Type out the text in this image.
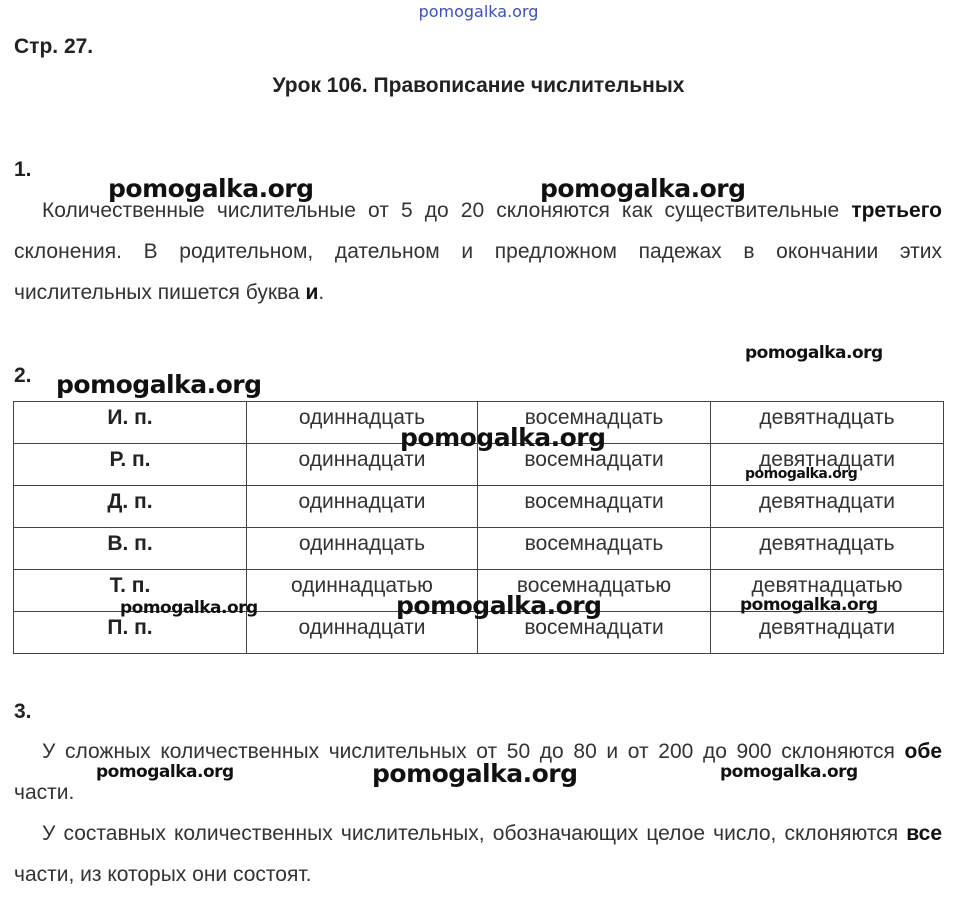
pomogalka.org
Стр. 27.
Урок 106. Правописание числительных
1.
Количественные числительные от 5 до 20 склоняются как существительные третьего склонения. В родительном, дательном и предложном падежах в окончании этих числительных пишется буква и.
2.
И. п.	одиннадцать	восемнадцать	девятнадцать
Р. п.	одиннадцати	восемнадцати	девятнадцати
Д. п.	одиннадцати	восемнадцати	девятнадцати
В. п.	одиннадцать	восемнадцать	девятнадцать
Т. п.	одиннадцатью	восемнадцатью	девятнадцатью
П. п.	одиннадцати	восемнадцати	девятнадцати
3.
У сложных количественных числительных от 50 до 80 и от 200 до 900 склоняются обе части.
У составных количественных числительных, обозначающих целое число, склоняются все части, из которых они состоят.
pomogalka.org	pomogalka.org
pomogalka.org
pomogalka.org
pomogalka.org
pomogalka.org
pomogalka.org	pomogalka.org	pomogalka.org
pomogalka.org	pomogalka.org	pomogalka.org
